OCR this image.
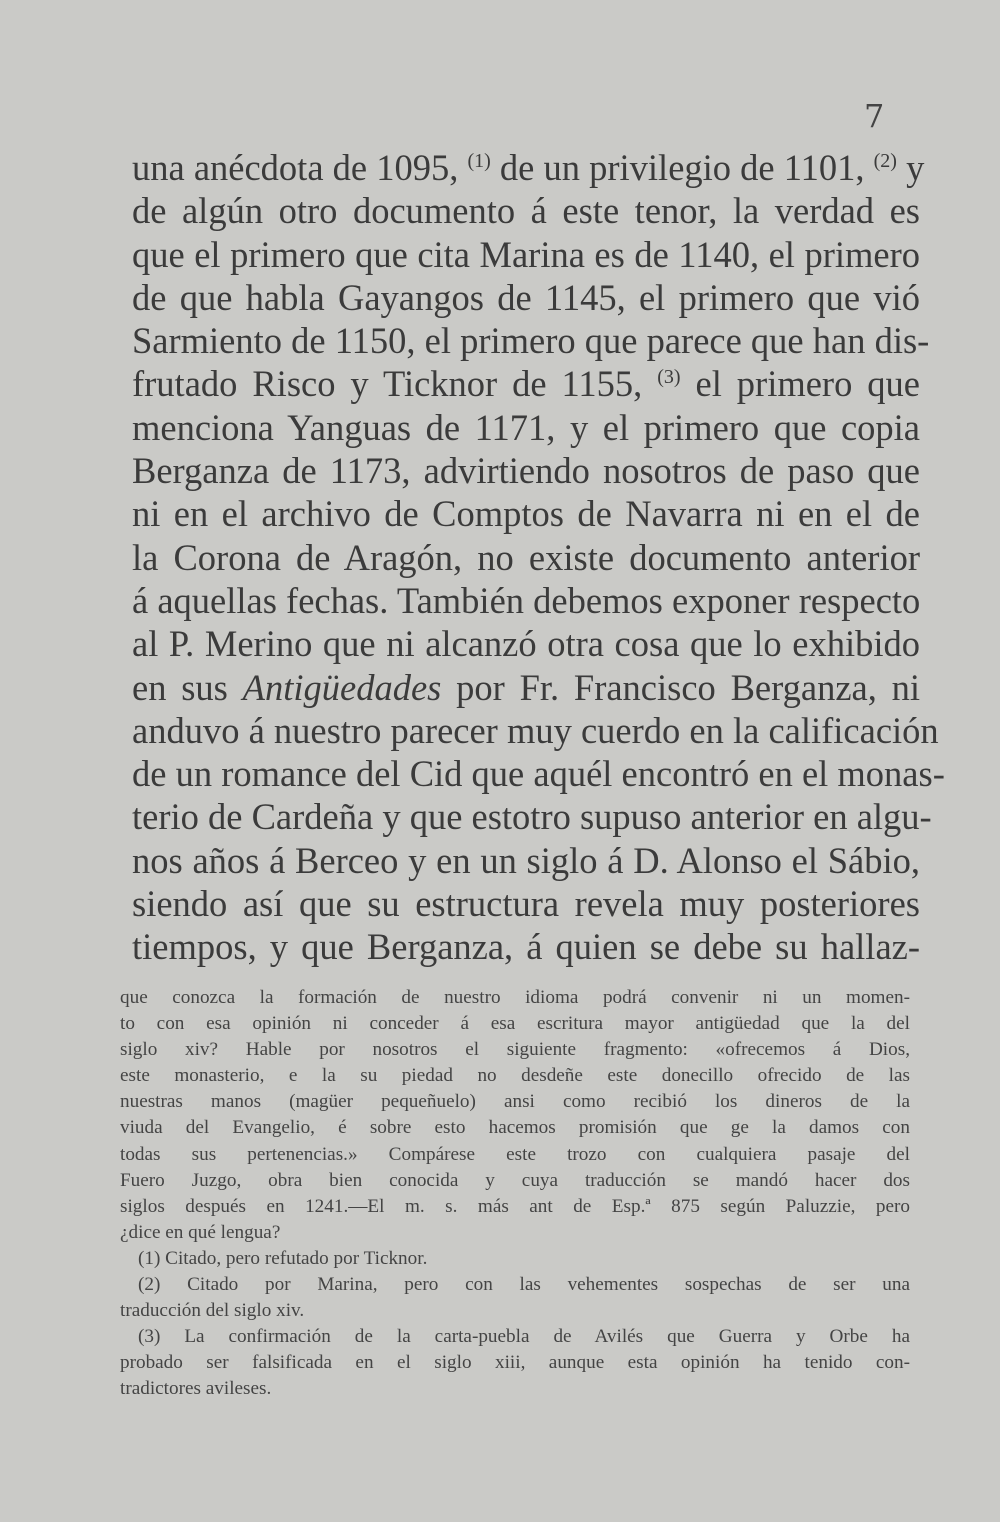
7
una anécdota de 1095, $^{(1)}$ de un privilegio de 1101, $^{(2)}$ y
de algún otro documento á este tenor, la verdad es
que el primero que cita Marina es de 1140, el primero
de que habla Gayangos de 1145, el primero que vió
Sarmiento de 1150, el primero que parece que han dis-
frutado Risco y Ticknor de 1155, $^{(3)}$ el primero que
menciona Yanguas de 1171, y el primero que copia
Berganza de 1173, advirtiendo nosotros de paso que
ni en el archivo de Comptos de Navarra ni en el de
la Corona de Aragón, no existe documento anterior
á aquellas fechas. También debemos exponer respecto
al P. Merino que ni alcanzó otra cosa que lo exhibido
en sus Antigüedades por Fr. Francisco Berganza, ni
anduvo á nuestro parecer muy cuerdo en la calificación
de un romance del Cid que aquél encontró en el monas-
terio de Cardeña y que estotro supuso anterior en algu-
nos años á Berceo y en un siglo á D. Alonso el Sábio,
siendo así que su estructura revela muy posteriores
tiempos, y que Berganza, á quien se debe su hallaz-
que conozca la formación de nuestro idioma podrá convenir ni un momen-
to con esa opinión ni conceder á esa escritura mayor antigüedad que la del
siglo xiv? Hable por nosotros el siguiente fragmento: «ofrecemos á Dios,
este monasterio, e la su piedad no desdeñe este donecillo ofrecido de las
nuestras manos (magüer pequeñuelo) ansi como recibió los dineros de la
viuda del Evangelio, é sobre esto hacemos promisión que ge la damos con
todas sus pertenencias.» Compárese este trozo con cualquiera pasaje del
Fuero Juzgo, obra bien conocida y cuya traducción se mandó hacer dos
siglos después en 1241.—El m. s. más ant de Esp.ª 875 según Paluzzie, pero
¿dice en qué lengua?
(1) Citado, pero refutado por Ticknor.
(2) Citado por Marina, pero con las vehementes sospechas de ser una
traducción del siglo xiv.
(3) La confirmación de la carta-puebla de Avilés que Guerra y Orbe ha
probado ser falsificada en el siglo xiii, aunque esta opinión ha tenido con-
tradictores avileses.
